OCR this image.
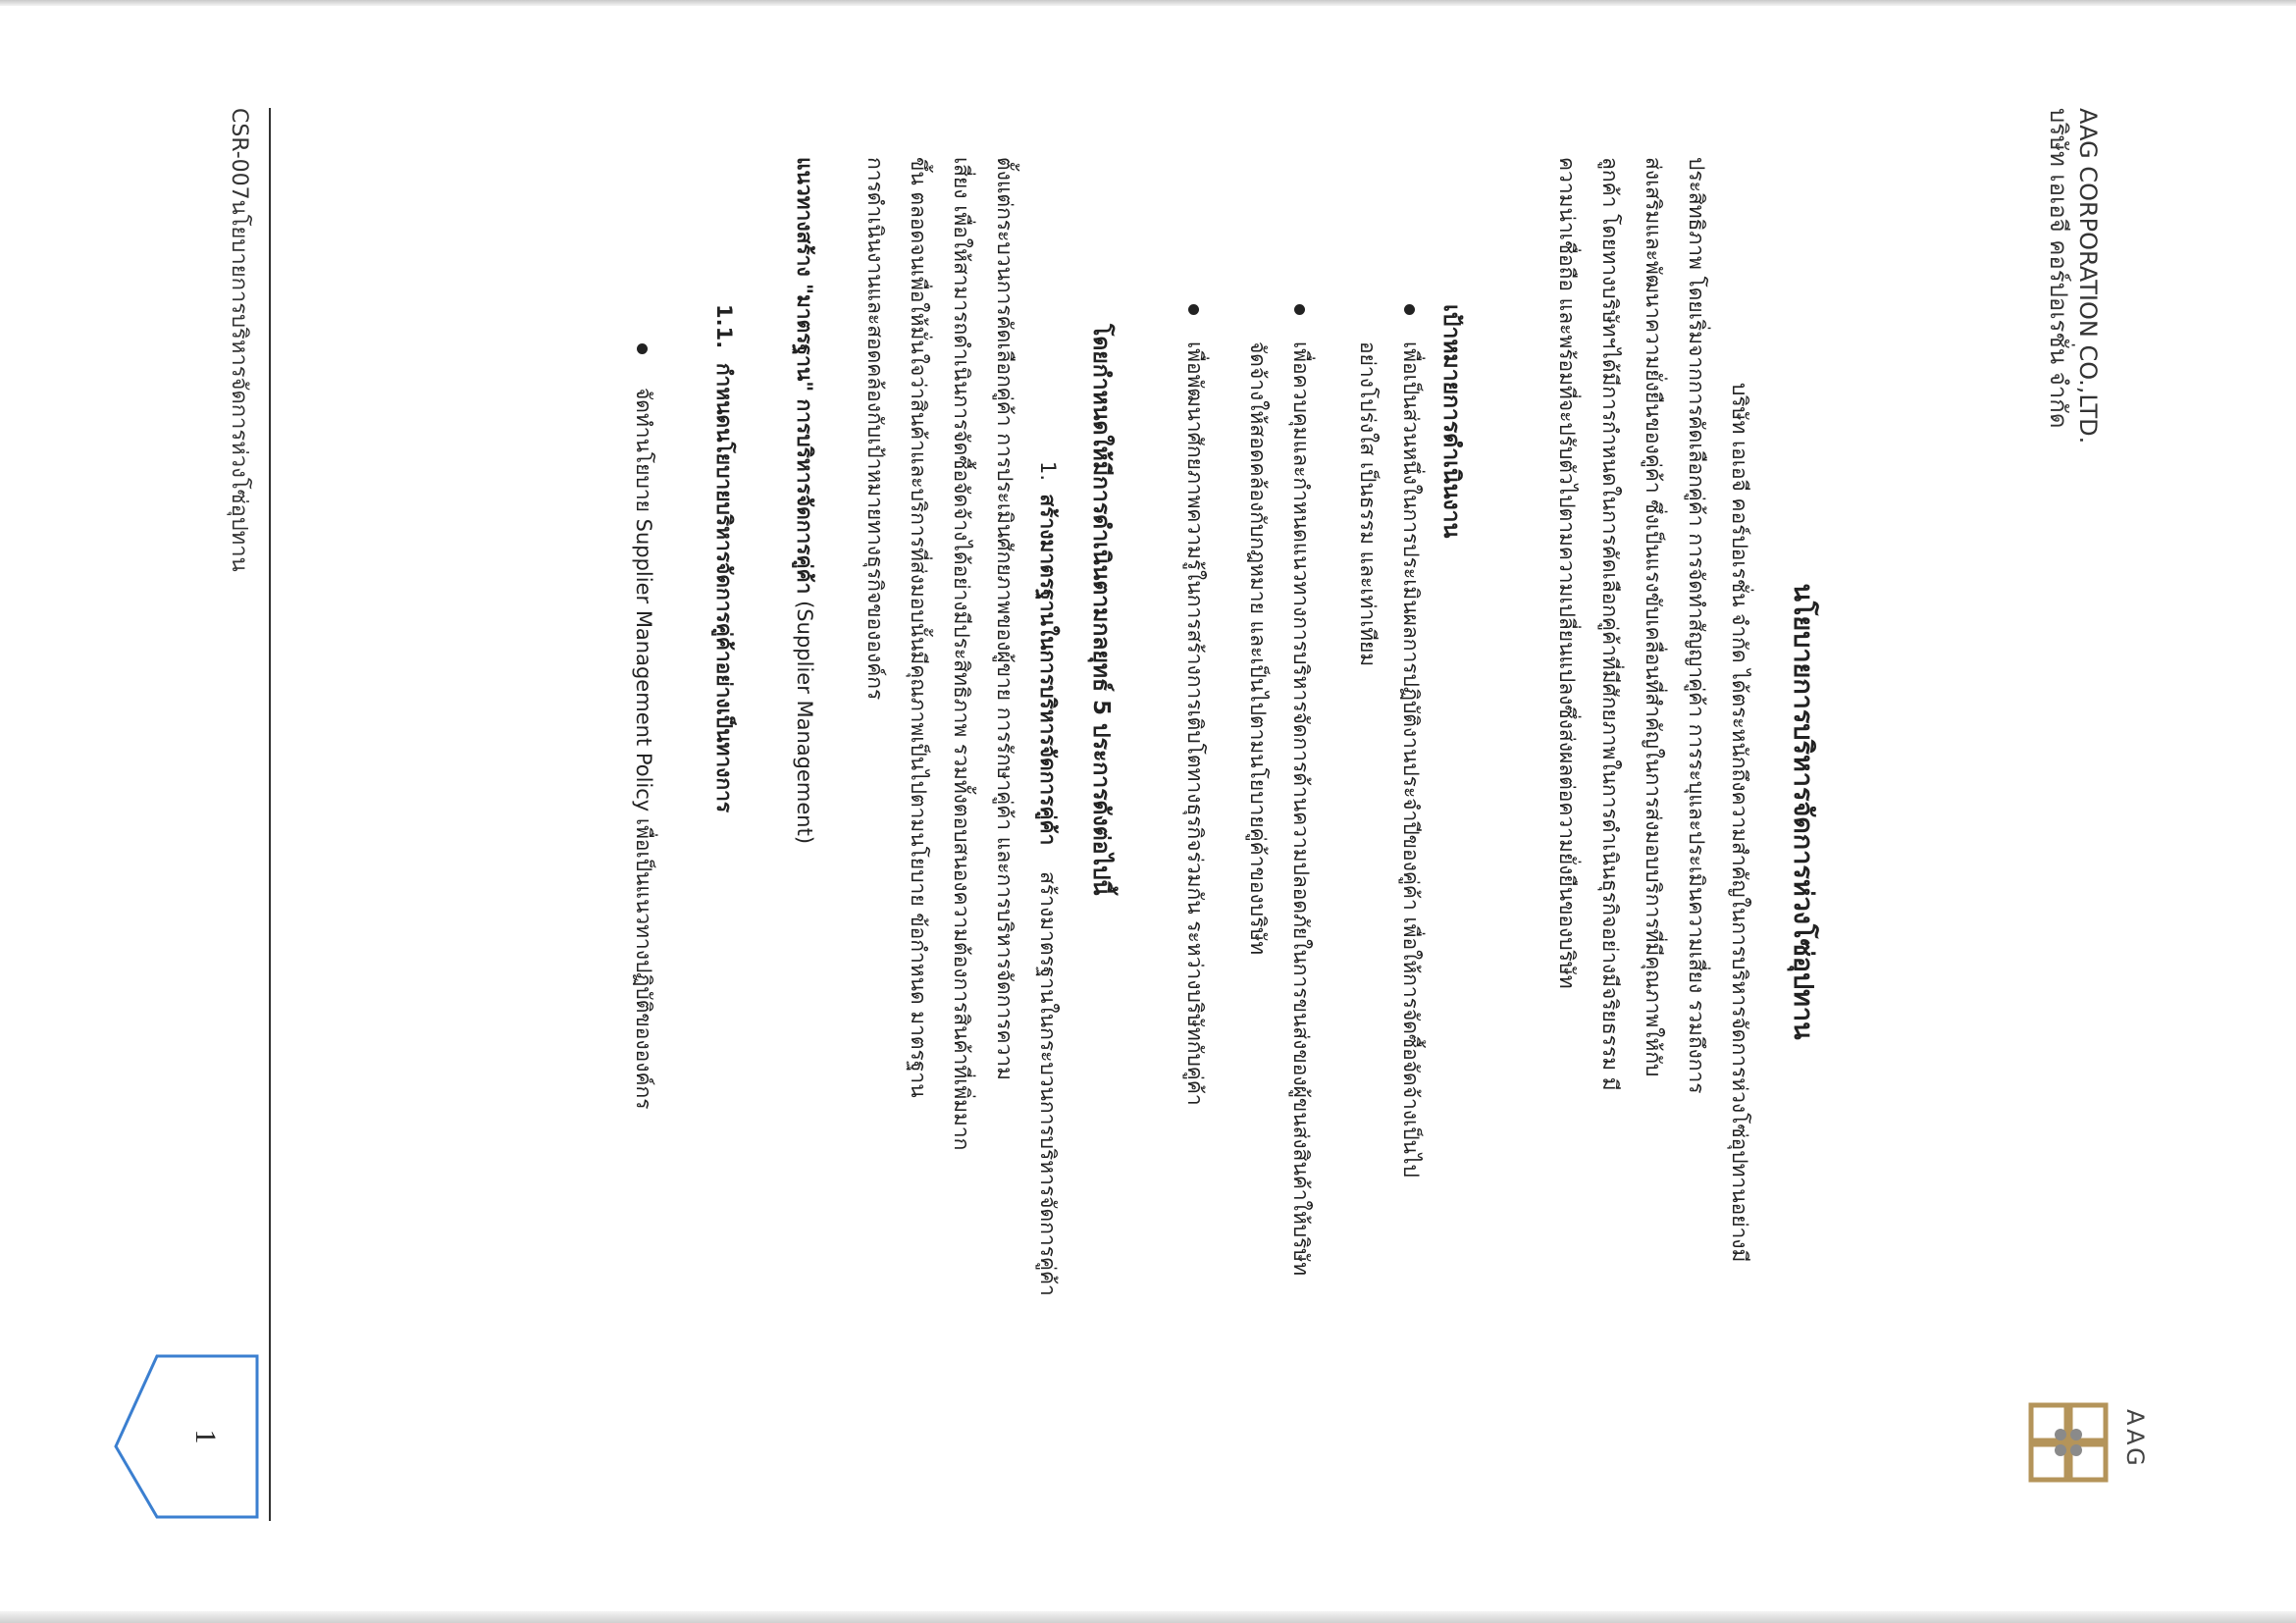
AAG CORPORATION CO.,LTD.
บริษัท เอเอจี คอร์ปอเรชั่น จำกัด
AAG

นโยบายการบริหารจัดการห่วงโซ่อุปทาน
บริษัท เอเอจี คอร์ปอเรชั่น จำกัด ได้ตระหนักถึงความสำคัญในการบริหารจัดการห่วงโซ่อุปทานอย่างมี
ประสิทธิภาพ โดยเริ่มจากการคัดเลือกคู่ค้า การจัดทำสัญญาคู่ค้า การระบุและประเมินความเสี่ยง รวมถึงการ
ส่งเสริมและพัฒนาความยั่งยืนของคู่ค้า ซึ่งเป็นแรงขับเคลื่อนที่สำคัญในการส่งมอบบริการที่มีคุณภาพให้กับ
ลูกค้า โดยทางบริษัทฯได้มีการกำหนดในการคัดเลือกคู่ค้าที่มีศักยภาพในการดำเนินธุรกิจอย่างมีจริยธรรม มี
ความน่าเชื่อถือ และพร้อมที่จะปรับตัวไปตามความเปลี่ยนแปลงซึ่งส่งผลต่อความยั่งยืนของบริษัท
เป้าหมายการดำเนินงาน
เพื่อเป็นส่วนหนึ่งในการประเมินผลการปฏิบัติงานประจำปีของคู่ค้า เพื่อให้การจัดซื้อจัดจ้างเป็นไป
อย่างโปร่งใส เป็นธรรม และเท่าเทียม
เพื่อควบคุมและกำหนดแนวทางการบริหารจัดการด้านความปลอดภัยในการขนส่งของผู้ขนส่งสินค้าให้บริษัท
จัดจ้างให้สอดคล้องกับกฎหมาย และเป็นไปตามนโยบายคู่ค้าของบริษัท
เพื่อพัฒนาศักยภาพความรู้ในการสร้างการเติบโตทางธุรกิจร่วมกัน ระหว่างบริษัทกับคู่ค้า
โดยกำหนดให้มีการดำเนินตามกลยุทธ์ 5 ประการดังต่อไปนี้
1.  สร้างมาตรฐานในการบริหารจัดการคู่ค้า    สร้างมาตรฐานในกระบวนการบริหารจัดการคู่ค้า
ตั้งแต่กระบวนการคัดเลือกคู่ค้า การประเมินศักยภาพของผู้ขาย การรักษาคู่ค้า และการบริหารจัดการความ
เสี่ยง เพื่อให้สามารถดำเนินการจัดซื้อจัดจ้างได้อย่างมีประสิทธิภาพ รวมทั้งตอบสนองความต้องการสินค้าที่เพิ่มมาก
ขึ้น ตลอดจนเพื่อให้มั่นใจว่าสินค้าและบริการที่ส่งมอบนั้นมีคุณภาพเป็นไปตามนโยบาย ข้อกำหนด มาตรฐาน
การดำเนินงานและสอดคล้องกับเป้าหมายทางธุรกิจขององค์กร
แนวทางสร้าง "มาตรฐาน" การบริหารจัดการคู่ค้า (Supplier Management)
1.1.  กำหนดนโยบายบริหารจัดการคู่ค้าอย่างเป็นทางการ
จัดทำนโยบาย Supplier Management Policy เพื่อเป็นแนวทางปฏิบัติขององค์กร
CSR-007นโยบายการบริหารจัดการห่วงโซ่อุปทาน
1
